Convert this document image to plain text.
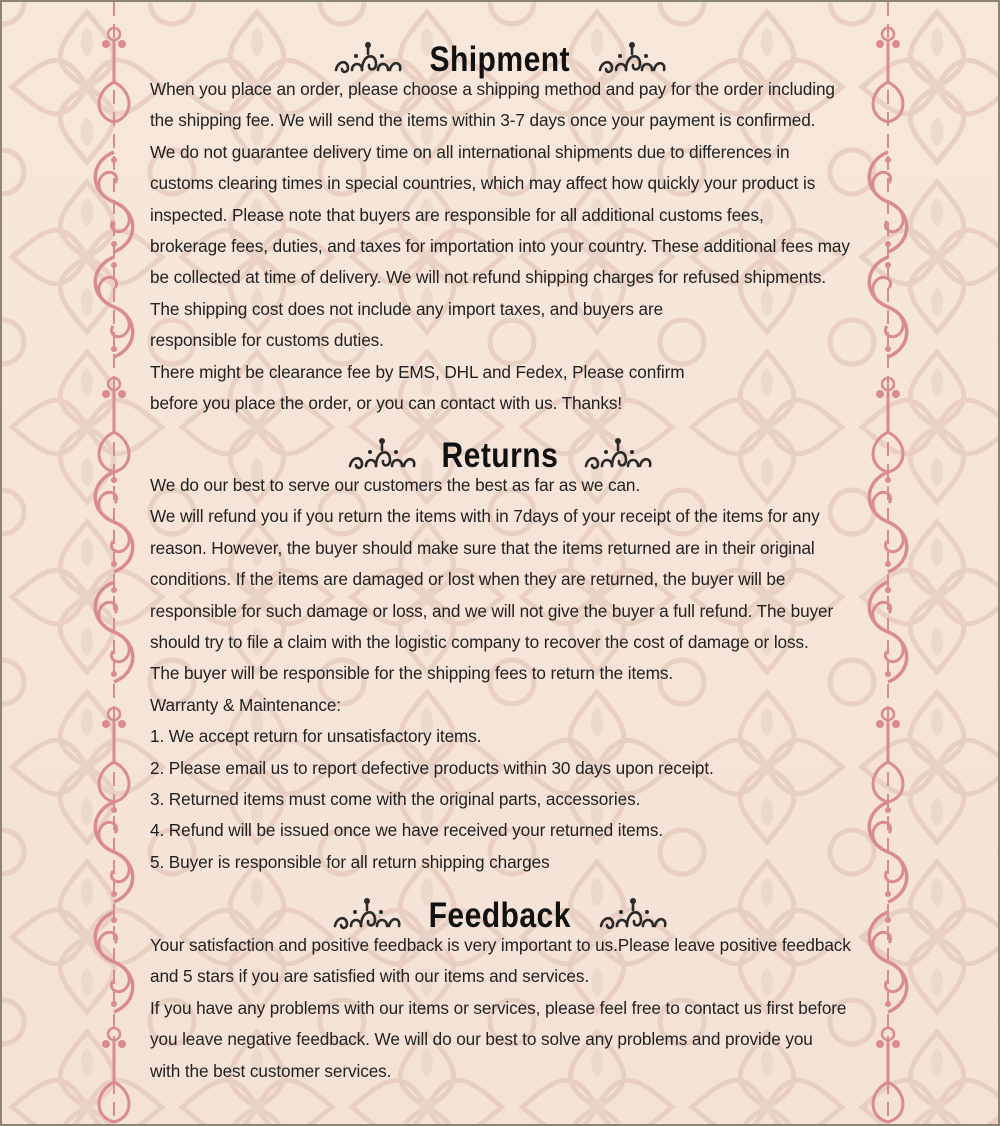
Shipment
When you place an order, please choose a shipping method and pay for the order including
the shipping fee. We will send the items within 3-7 days once your payment is confirmed.
We do not guarantee delivery time on all international shipments due to differences in
customs clearing times in special countries, which may affect how quickly your product is
inspected. Please note that buyers are responsible for all additional customs fees,
brokerage fees, duties, and taxes for importation into your country. These additional fees may
be collected at time of delivery. We will not refund shipping charges for refused shipments.
The shipping cost does not include any import taxes, and buyers are
responsible for customs duties.
There might be clearance fee by EMS, DHL and Fedex, Please confirm
before you place the order, or you can contact with us. Thanks!
Returns
We do our best to serve our customers the best as far as we can.
We will refund you if you return the items with in 7days of your receipt of the items for any
reason. However, the buyer should make sure that the items returned are in their original
conditions. If the items are damaged or lost when they are returned, the buyer will be
responsible for such damage or loss, and we will not give the buyer a full refund. The buyer
should try to file a claim with the logistic company to recover the cost of damage or loss.
The buyer will be responsible for the shipping fees to return the items.
Warranty & Maintenance:
1. We accept return for unsatisfactory items.
2. Please email us to report defective products within 30 days upon receipt.
3. Returned items must come with the original parts, accessories.
4. Refund will be issued once we have received your returned items.
5. Buyer is responsible for all return shipping charges
Feedback
Your satisfaction and positive feedback is very important to us.Please leave positive feedback
and 5 stars if you are satisfied with our items and services.
If you have any problems with our items or services, please feel free to contact us first before
you leave negative feedback. We will do our best to solve any problems and provide you
with the best customer services.
